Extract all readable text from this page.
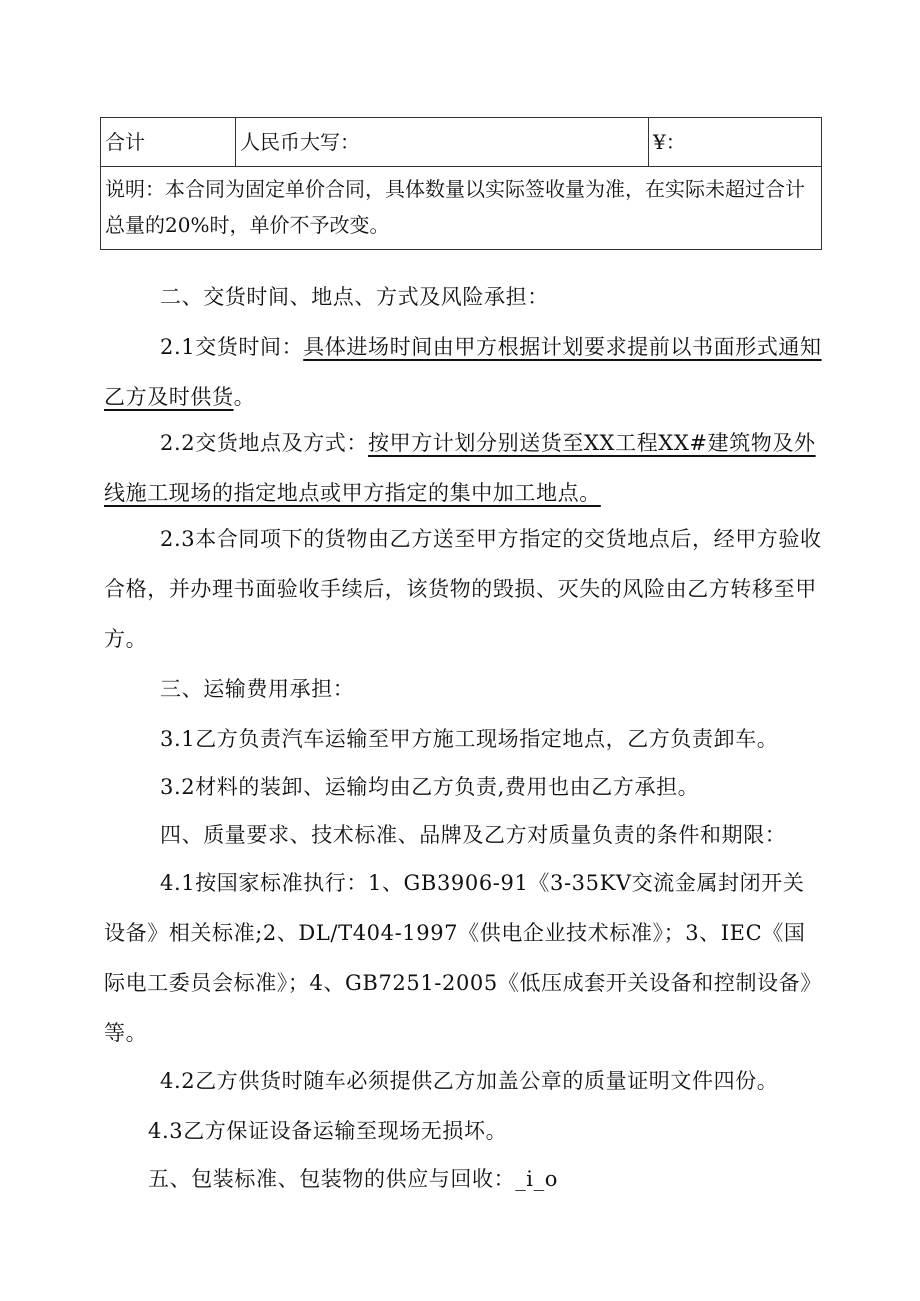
合计	人民币大写：	¥：
说明：本合同为固定单价合同，具体数量以实际签收量为准，在实际未超过合计总量的20%时，单价不予改变。

二、交货时间、地点、方式及风险承担：

2.1交货时间：具体进场时间由甲方根据计划要求提前以书面形式通知乙方及时供货。

2.2交货地点及方式：按甲方计划分别送货至XX工程XX#建筑物及外线施工现场的指定地点或甲方指定的集中加工地点。

2.3本合同项下的货物由乙方送至甲方指定的交货地点后，经甲方验收合格，并办理书面验收手续后，该货物的毁损、灭失的风险由乙方转移至甲方。

三、运输费用承担：

3.1乙方负责汽车运输至甲方施工现场指定地点，乙方负责卸车。

3.2材料的装卸、运输均由乙方负责,费用也由乙方承担。

四、质量要求、技术标准、品牌及乙方对质量负责的条件和期限：

4.1按国家标准执行：1、GB3906-91《3-35KV交流金属封闭开关设备》相关标准;2、DL/T404-1997《供电企业技术标准》；3、IEC《国际电工委员会标准》；4、GB7251-2005《低压成套开关设备和控制设备》等。

4.2乙方供货时随车必须提供乙方加盖公章的质量证明文件四份。

4.3乙方保证设备运输至现场无损坏。

五、包装标准、包装物的供应与回收：_i_o
